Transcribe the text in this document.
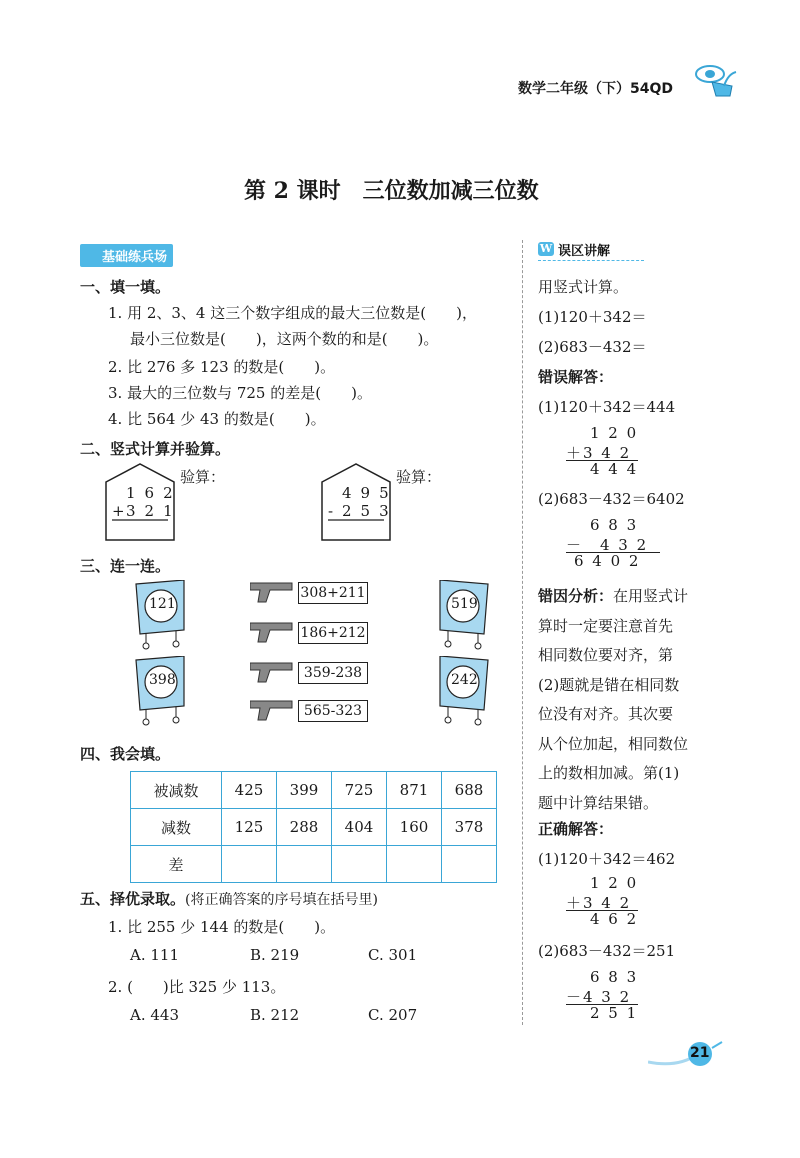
数学二年级（下）54QD
第 2 课时　三位数加减三位数
基础练兵场
一、填一填。
1. 用 2、3、4 这三个数字组成的最大三位数是(　　)，
最小三位数是(　　)，这两个数的和是(　　)。
2. 比 276 多 123 的数是(　　)。
3. 最大的三位数与 725 的差是(　　)。
4. 比 564 少 43 的数是(　　)。
二、竖式计算并验算。
162
+ 321
验算：
495
- 253
验算：
三、连一连。
121
398
519
242
308+211
186+212
359-238
565-323
四、我会填。
被减数	425	399	725	871	688
减数	125	288	404	160	378
差					
五、择优录取。(将正确答案的序号填在括号里)
1. 比 255 少 144 的数是(　　)。
A. 111	B. 219	C. 301
2. (　　)比 325 少 113。
A. 443	B. 212	C. 207
W 误区讲解
用竖式计算。
(1)120＋342＝
(2)683－432＝
错误解答：
(1)120＋342＝444
1 2 0
＋3 4 2
4 4 4
(2)683－432＝6402
6 8 3
－　4 3 2
6 4 0 2
错因分析：在用竖式计
算时一定要注意首先
相同数位要对齐，第
(2)题就是错在相同数
位没有对齐。其次要
从个位加起，相同数位
上的数相加减。第(1)
题中计算结果错。
正确解答：
(1)120＋342＝462
1 2 0
＋3 4 2
4 6 2
(2)683－432＝251
6 8 3
－4 3 2
2 5 1
21
